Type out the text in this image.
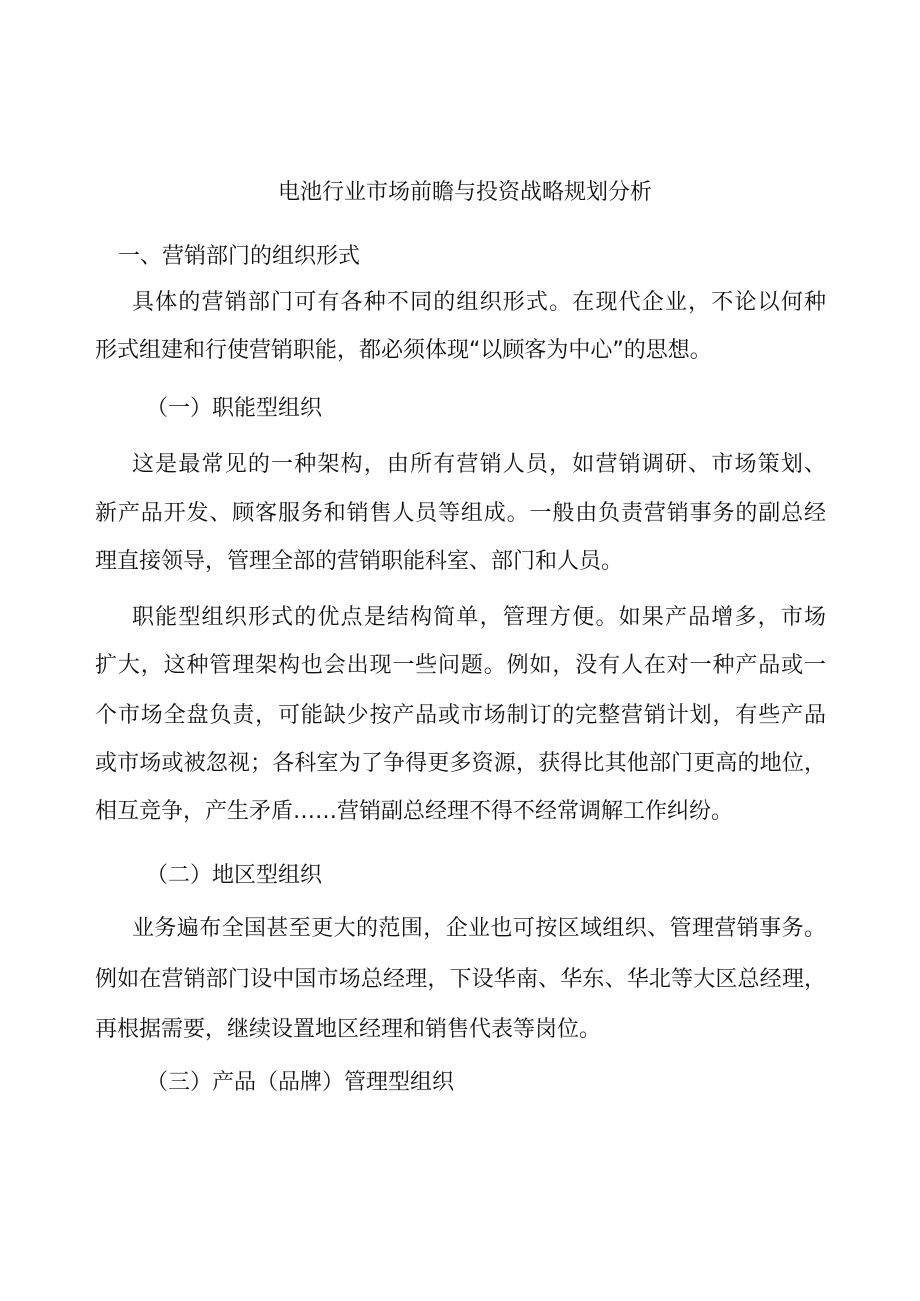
电池行业市场前瞻与投资战略规划分析
一、营销部门的组织形式
具体的营销部门可有各种不同的组织形式。在现代企业，不论以何种
形式组建和行使营销职能，都必须体现“以顾客为中心”的思想。
（一）职能型组织
这是最常见的一种架构，由所有营销人员，如营销调研、市场策划、
新产品开发、顾客服务和销售人员等组成。一般由负责营销事务的副总经
理直接领导，管理全部的营销职能科室、部门和人员。
职能型组织形式的优点是结构简单，管理方便。如果产品增多，市场
扩大，这种管理架构也会出现一些问题。例如，没有人在对一种产品或一
个市场全盘负责，可能缺少按产品或市场制订的完整营销计划，有些产品
或市场或被忽视；各科室为了争得更多资源，获得比其他部门更高的地位，
相互竞争，产生矛盾……营销副总经理不得不经常调解工作纠纷。
（二）地区型组织
业务遍布全国甚至更大的范围，企业也可按区域组织、管理营销事务。
例如在营销部门设中国市场总经理，下设华南、华东、华北等大区总经理，
再根据需要，继续设置地区经理和销售代表等岗位。
（三）产品（品牌）管理型组织
